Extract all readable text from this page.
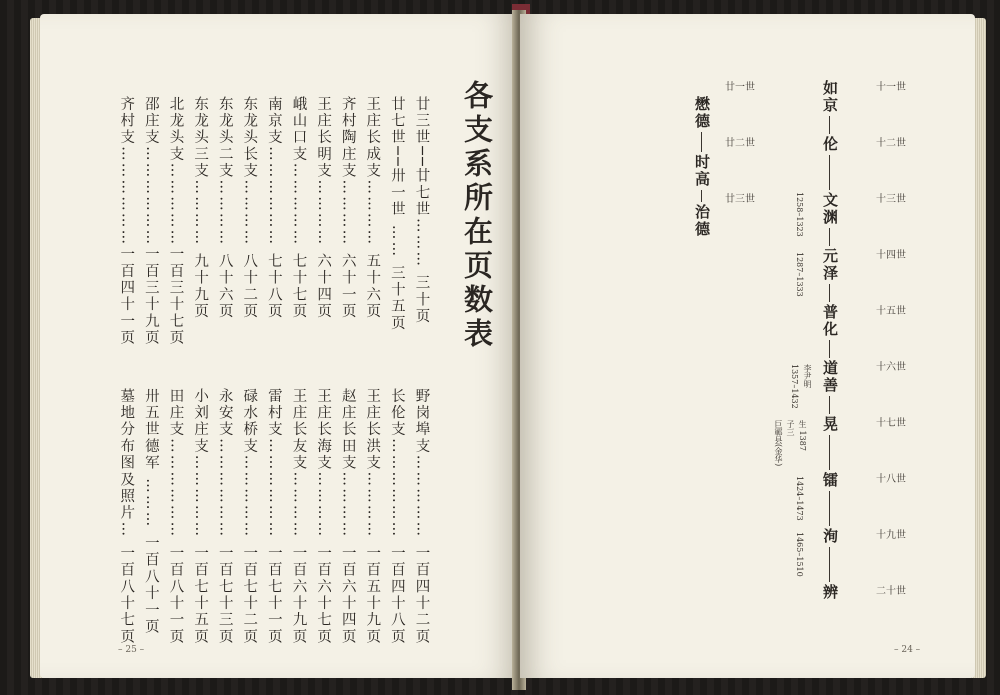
各支系所在页数表
廿三世──廿七世……… 三十页
廿七世──卅一世 …… 三十五页
王庄长成支………… 五十六页
齐村陶庄支………… 六十一页
王庄长明支………… 六十四页
峨山口支…………… 七十七页
南京支……………… 七十八页
东龙头长支………… 八十二页
东龙头二支………… 八十六页
东龙头三支………… 九十九页
北龙头支……………一百三十七页
邵庄支………………一百三十九页
齐村支………………一百四十一页
野岗埠支…………… 一百四十二页
长伦支……………… 一百四十八页
王庄长洪支………… 一百五十九页
赵庄长田支………… 一百六十四页
王庄长海支………… 一百六十七页
王庄长友支………… 一百六十九页
雷村支……………… 一百七十一页
碌水桥支…………… 一百七十二页
永安支……………… 一百七十三页
小刘庄支…………… 一百七十五页
田庄支……………… 一百八十一页
卅五世德军 ……… 一百八十一页
墓地分布图及照片… 一百八十七页
– 25 –
十一世
十二世
十三世
十四世
十五世
十六世
十七世
十八世
十九世
二十世
如京
伦
文渊
元泽
普化
道善
晃
镭
洵
辨
1258–1323
1287–1333
李尹明
1357–1432
生 1387
子三
巨鄆县(金华)
1424–1473
1465–1510
廿一世
廿二世
廿三世
懋德
时高
治德
– 24 –
